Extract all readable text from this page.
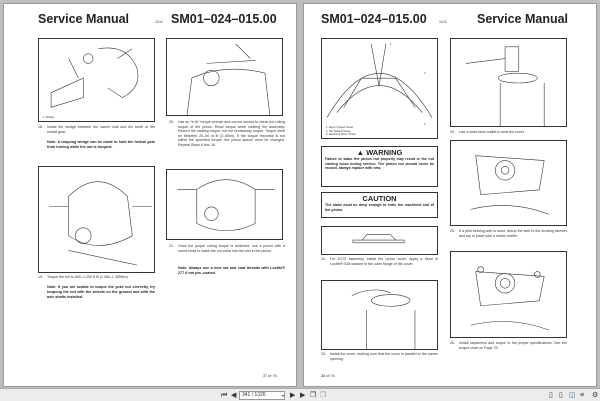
Service Manual	1104 SM01–024–015.00
1. Wedge
18. Install the wedge between the carrier wall and the teeth of the helical gear.
Note: A torquing wedge can be made to hold the helical gear from turning while the nut is torqued.
20. Use an “in lb” torque wrench and correct socket to check the rolling torque of the pinion. Read torque while rotating the assembly. Record the rotating torque, not the breakaway torque. Torque must be between 20–50 in lb (2–5Nm). If the torque recorded is not within the specified torque, the pinion spacer must be changed. Repeat Steps 6 thru 16.
19. Torque the nut to 800–1,000 ft lb (1 084–1 355Nm).
Note: If you are unable to torque the yoke nut correctly, try torquing the nut with the wheels on the ground and with the axle shafts installed.
21. Once the proper rolling torque is achieved, use a punch with a round head to stake the nut collar into the slot in the pinion.
Note: Always use a new nut and coat threads with Loctite® 277 if not pre–coated.
37 of 76
SM01–024–015.00	1104 Service Manual
1
2
3
1. Round Tipped Chisel
2. Nut Staked Flange
3. Machined Slot in Pinion
▲ WARNING
Failure to stake the pinion nut properly may result in the nut coming loose during service. The pinion nut should never be reused, always replace with new.
CAUTION
The stake must be deep enough to enter the machined slot of the pinion.
22. For D170 assembly, install the pinion cover. Apply a bead of Loctite® 518 sealant to the outer flange of the cover.
23. Install the cover, making sure that the cover is parallel to the carrier opening.
24. Use a dead blow mallet to seat the cover.
25. If a pilot bearing web is used, lineup the web to the locating sleeves and tap in place with a rubber mallet.
26. Install capscrews and torque to the proper specifications. See the torque chart on Page 75.
38 of 76
⏮ ◀	341 / 1326	▾ ▶ ▶ ❐ ❐	▯ ▯ ◫ ≡ ⚙
